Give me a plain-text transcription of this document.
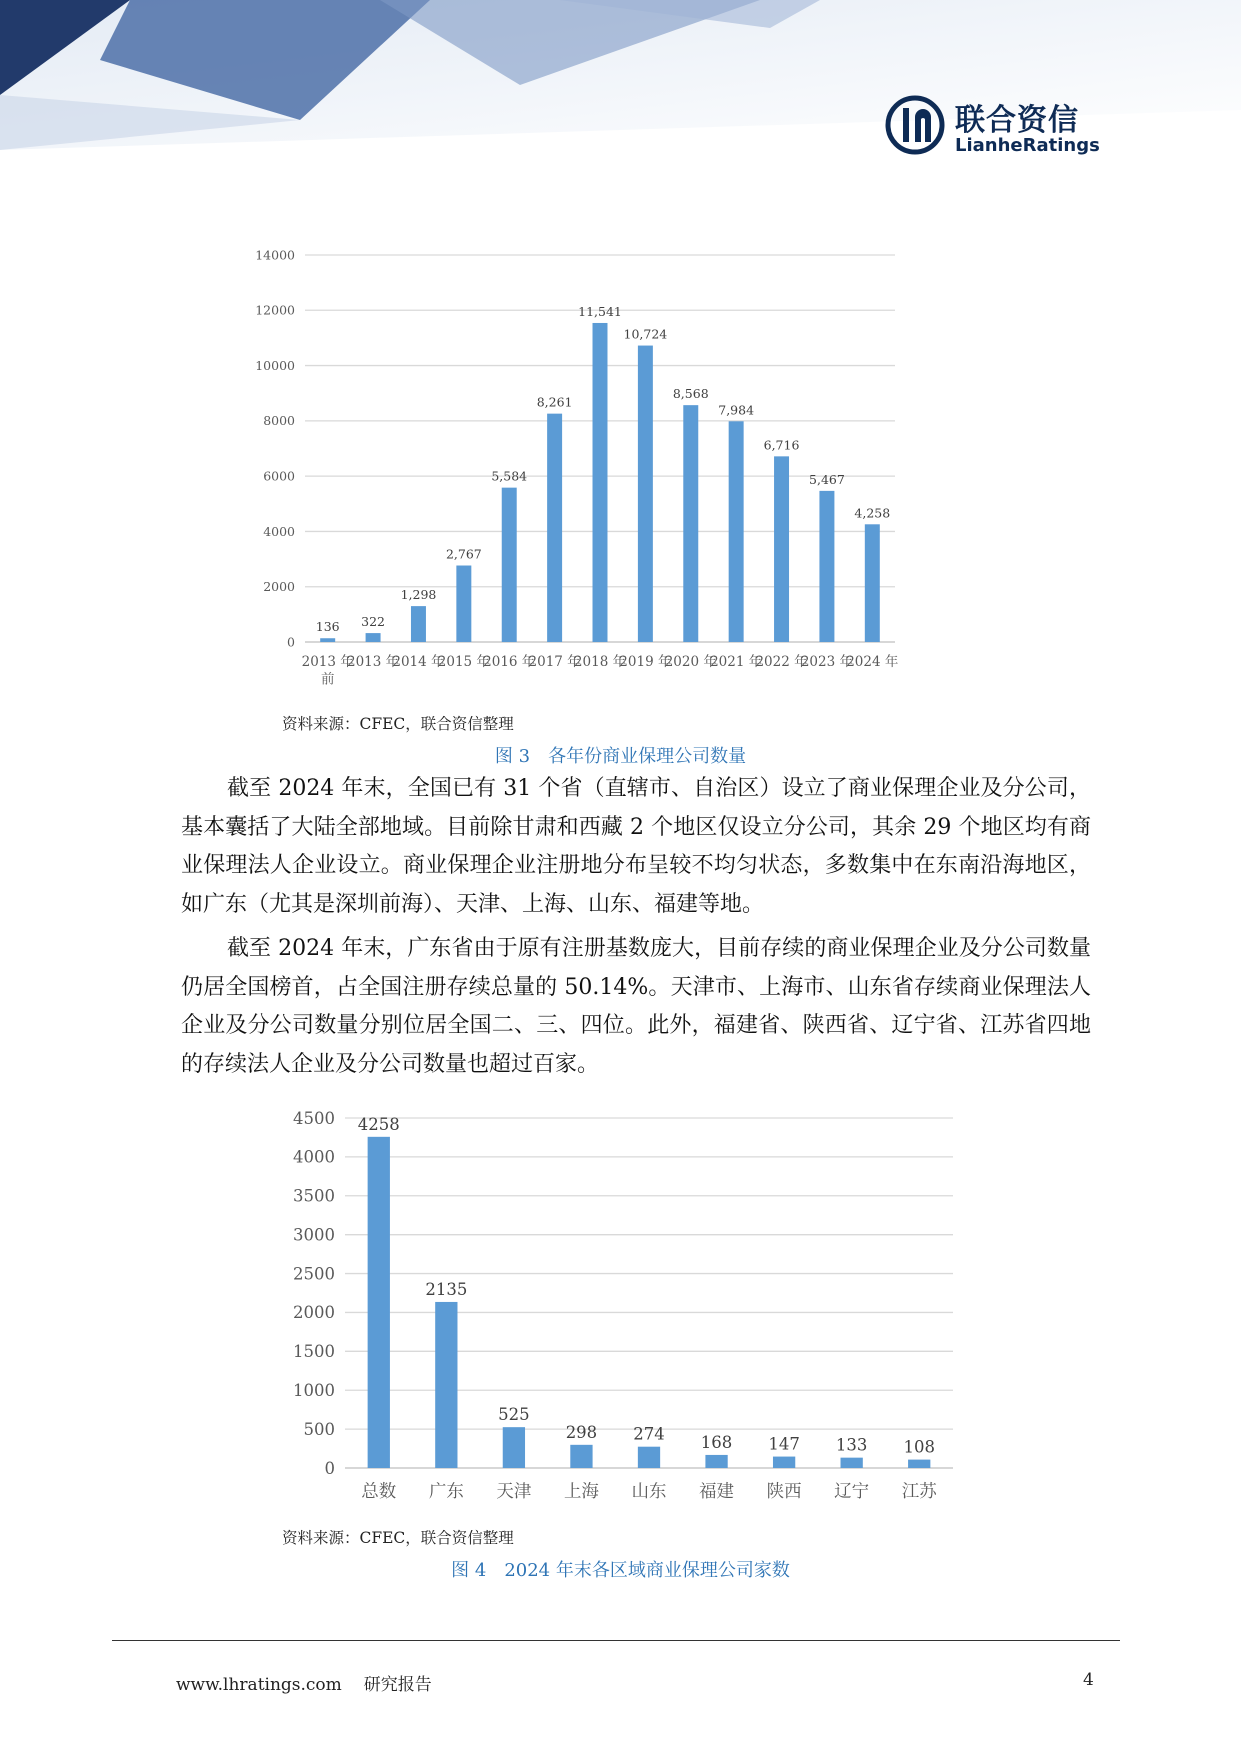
联合资信
LianheRatings
0
2000
4000
6000
8000
10000
12000
14000
136
2013 年
前
322
2013 年
1,298
2014 年
2,767
2015 年
5,584
2016 年
8,261
2017 年
11,541
2018 年
10,724
2019 年
8,568
2020 年
7,984
2021 年
6,716
2022 年
5,467
2023 年
4,258
2024 年
资料来源：CFEC，联合资信整理
图 3　各年份商业保理公司数量

截至 2024 年末，全国已有 31 个省（直辖市、自治区）设立了商业保理企业及分公司，基本囊括了大陆全部地域。目前除甘肃和西藏 2 个地区仅设立分公司，其余 29 个地区均有商业保理法人企业设立。商业保理企业注册地分布呈较不均匀状态，多数集中在东南沿海地区，如广东（尤其是深圳前海）、天津、上海、山东、福建等地。

截至 2024 年末，广东省由于原有注册基数庞大，目前存续的商业保理企业及分公司数量仍居全国榜首，占全国注册存续总量的 50.14%。天津市、上海市、山东省存续商业保理法人企业及分公司数量分别位居全国二、三、四位。此外，福建省、陕西省、辽宁省、江苏省四地的存续法人企业及分公司数量也超过百家。

0
500
1000
1500
2000
2500
3000
3500
4000
4500 4258
总数
2135
广东
525
天津
298
上海
274
山东
168
福建
147
陕西
133
辽宁
108
江苏
资料来源：CFEC，联合资信整理
图 4　2024 年末各区域商业保理公司家数
www.lhratings.com 研究报告	4
